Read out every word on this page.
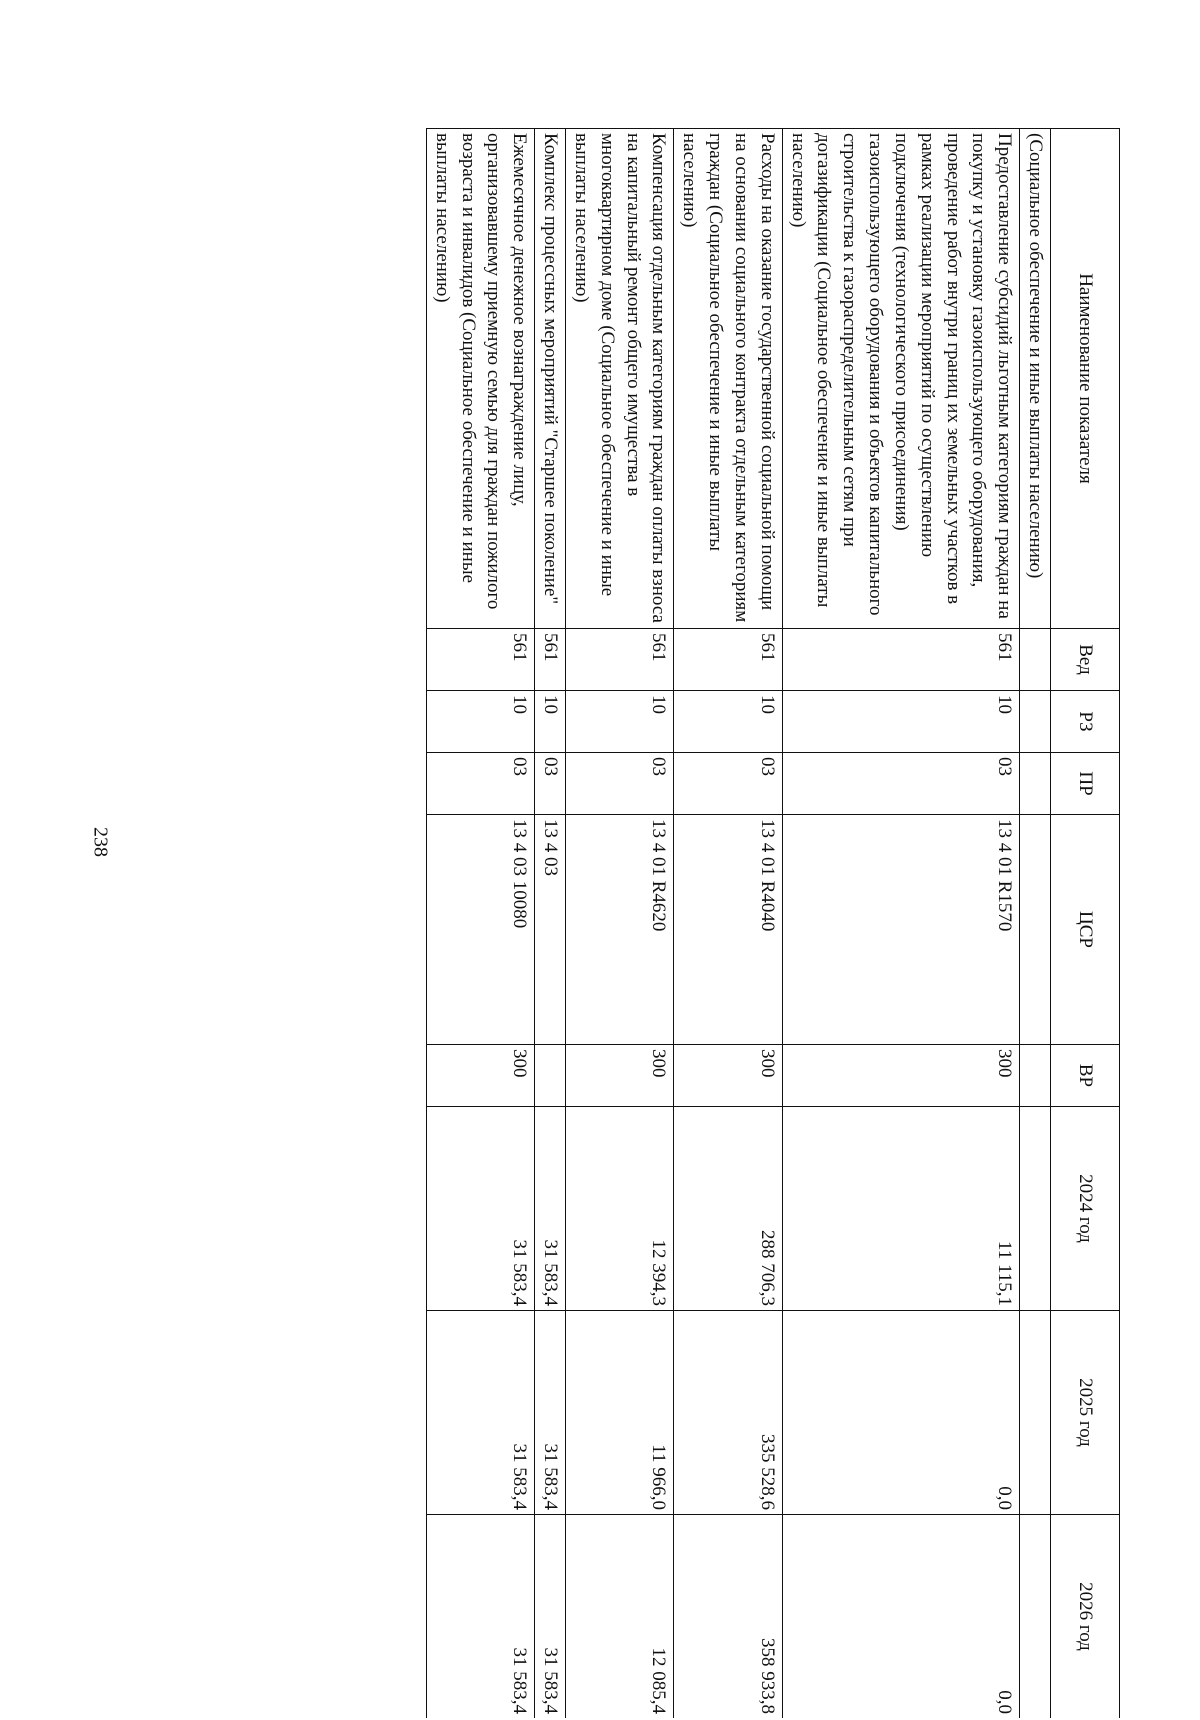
238
Наименование показателя	Вед	РЗ	ПР	ЦСР	ВР	2024 год	2025 год	2026 год
(Социальное обеспечение и иные выплаты населению)								
Предоставление субсидий льготным категориям граждан на покупку и установку газоиспользующего оборудования, проведение работ внутри границ их земельных участков в рамках реализации мероприятий по осуществлению подключения (технологического присоединения) газоиспользующего оборудования и объектов капитального строительства к газораспределительным сетям при догазификации (Социальное обеспечение и иные выплаты населению)	561	10	03	13 4 01 R1570	300	11 115,1	0,0	0,0
Расходы на оказание государственной социальной помощи на основании социального контракта отдельным категориям граждан (Социальное обеспечение и иные выплаты населению)	561	10	03	13 4 01 R4040	300	288 706,3	335 528,6	358 933,8
Компенсация отдельным категориям граждан оплаты взноса на капитальный ремонт общего имущества в многоквартирном доме (Социальное обеспечение и иные выплаты населению)	561	10	03	13 4 01 R4620	300	12 394,3	11 966,0	12 085,4
Комплекс процессных мероприятий "Старшее поколение"	561	10	03	13 4 03		31 583,4	31 583,4	31 583,4
Ежемесячное денежное вознаграждение лицу, организовавшему приемную семью для граждан пожилого возраста и инвалидов (Социальное обеспечение и иные выплаты населению)	561	10	03	13 4 03 10080	300	31 583,4	31 583,4	31 583,4
